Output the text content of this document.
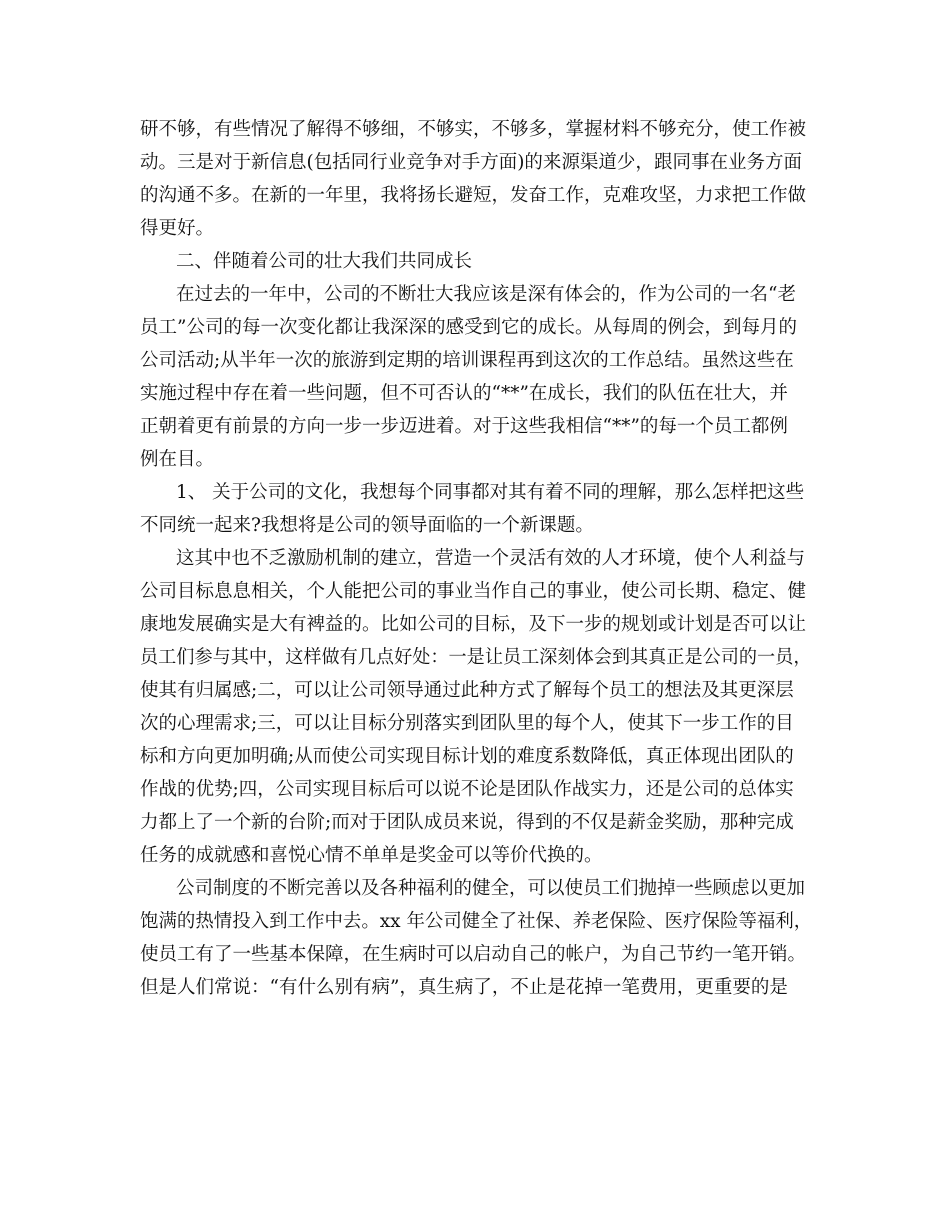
研不够，有些情况了解得不够细，不够实，不够多，掌握材料不够充分，使工作被
动。三是对于新信息(包括同行业竞争对手方面)的来源渠道少，跟同事在业务方面
的沟通不多。在新的一年里，我将扬长避短，发奋工作，克难攻坚，力求把工作做
得更好。
二、伴随着公司的壮大我们共同成长
在过去的一年中，公司的不断壮大我应该是深有体会的，作为公司的一名“老
员工”公司的每一次变化都让我深深的感受到它的成长。从每周的例会，到每月的
公司活动;从半年一次的旅游到定期的培训课程再到这次的工作总结。虽然这些在
实施过程中存在着一些问题，但不可否认的“**”在成长，我们的队伍在壮大，并
正朝着更有前景的方向一步一步迈进着。对于这些我相信“**”的每一个员工都例
例在目。
1、 关于公司的文化，我想每个同事都对其有着不同的理解，那么怎样把这些
不同统一起来?我想将是公司的领导面临的一个新课题。
这其中也不乏激励机制的建立，营造一个灵活有效的人才环境，使个人利益与
公司目标息息相关，个人能把公司的事业当作自己的事业，使公司长期、稳定、健
康地发展确实是大有裨益的。比如公司的目标，及下一步的规划或计划是否可以让
员工们参与其中，这样做有几点好处：一是让员工深刻体会到其真正是公司的一员，
使其有归属感;二，可以让公司领导通过此种方式了解每个员工的想法及其更深层
次的心理需求;三，可以让目标分别落实到团队里的每个人，使其下一步工作的目
标和方向更加明确;从而使公司实现目标计划的难度系数降低，真正体现出团队的
作战的优势;四，公司实现目标后可以说不论是团队作战实力，还是公司的总体实
力都上了一个新的台阶;而对于团队成员来说，得到的不仅是薪金奖励，那种完成
任务的成就感和喜悦心情不单单是奖金可以等价代换的。
公司制度的不断完善以及各种福利的健全，可以使员工们抛掉一些顾虑以更加
饱满的热情投入到工作中去。xx 年公司健全了社保、养老保险、医疗保险等福利，
使员工有了一些基本保障，在生病时可以启动自己的帐户，为自己节约一笔开销。
但是人们常说：“有什么别有病”，真生病了，不止是花掉一笔费用，更重要的是
